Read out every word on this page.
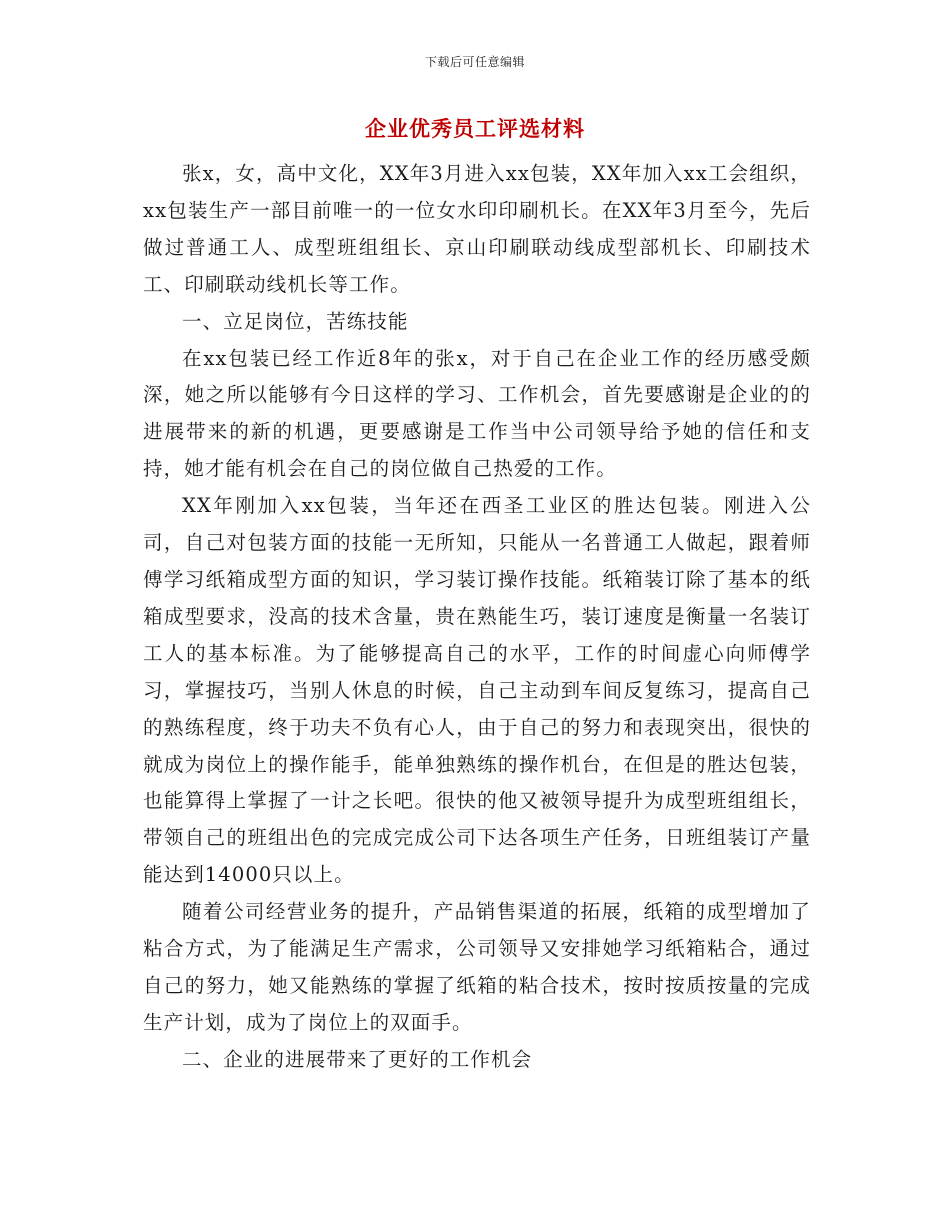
下载后可任意编辑
企业优秀员工评选材料

张x，女，高中文化，XX年3月进入xx包装，XX年加入xx工会组织，xx包装生产一部目前唯一的一位女水印印刷机长。在XX年3月至今，先后做过普通工人、成型班组组长、京山印刷联动线成型部机长、印刷技术工、印刷联动线机长等工作。

一、立足岗位，苦练技能

在xx包装已经工作近8年的张x，对于自己在企业工作的经历感受颇深，她之所以能够有今日这样的学习、工作机会，首先要感谢是企业的的进展带来的新的机遇，更要感谢是工作当中公司领导给予她的信任和支持，她才能有机会在自己的岗位做自己热爱的工作。

XX年刚加入xx包装，当年还在西圣工业区的胜达包装。刚进入公司，自己对包装方面的技能一无所知，只能从一名普通工人做起，跟着师傅学习纸箱成型方面的知识，学习装订操作技能。纸箱装订除了基本的纸箱成型要求，没高的技术含量，贵在熟能生巧，装订速度是衡量一名装订工人的基本标准。为了能够提高自己的水平，工作的时间虚心向师傅学习，掌握技巧，当别人休息的时候，自己主动到车间反复练习，提高自己的熟练程度，终于功夫不负有心人，由于自己的努力和表现突出，很快的就成为岗位上的操作能手，能单独熟练的操作机台，在但是的胜达包装，也能算得上掌握了一计之长吧。很快的他又被领导提升为成型班组组长，带领自己的班组出色的完成完成公司下达各项生产任务，日班组装订产量能达到14000只以上。

随着公司经营业务的提升，产品销售渠道的拓展，纸箱的成型增加了粘合方式，为了能满足生产需求，公司领导又安排她学习纸箱粘合，通过自己的努力，她又能熟练的掌握了纸箱的粘合技术，按时按质按量的完成生产计划，成为了岗位上的双面手。

二、企业的进展带来了更好的工作机会
